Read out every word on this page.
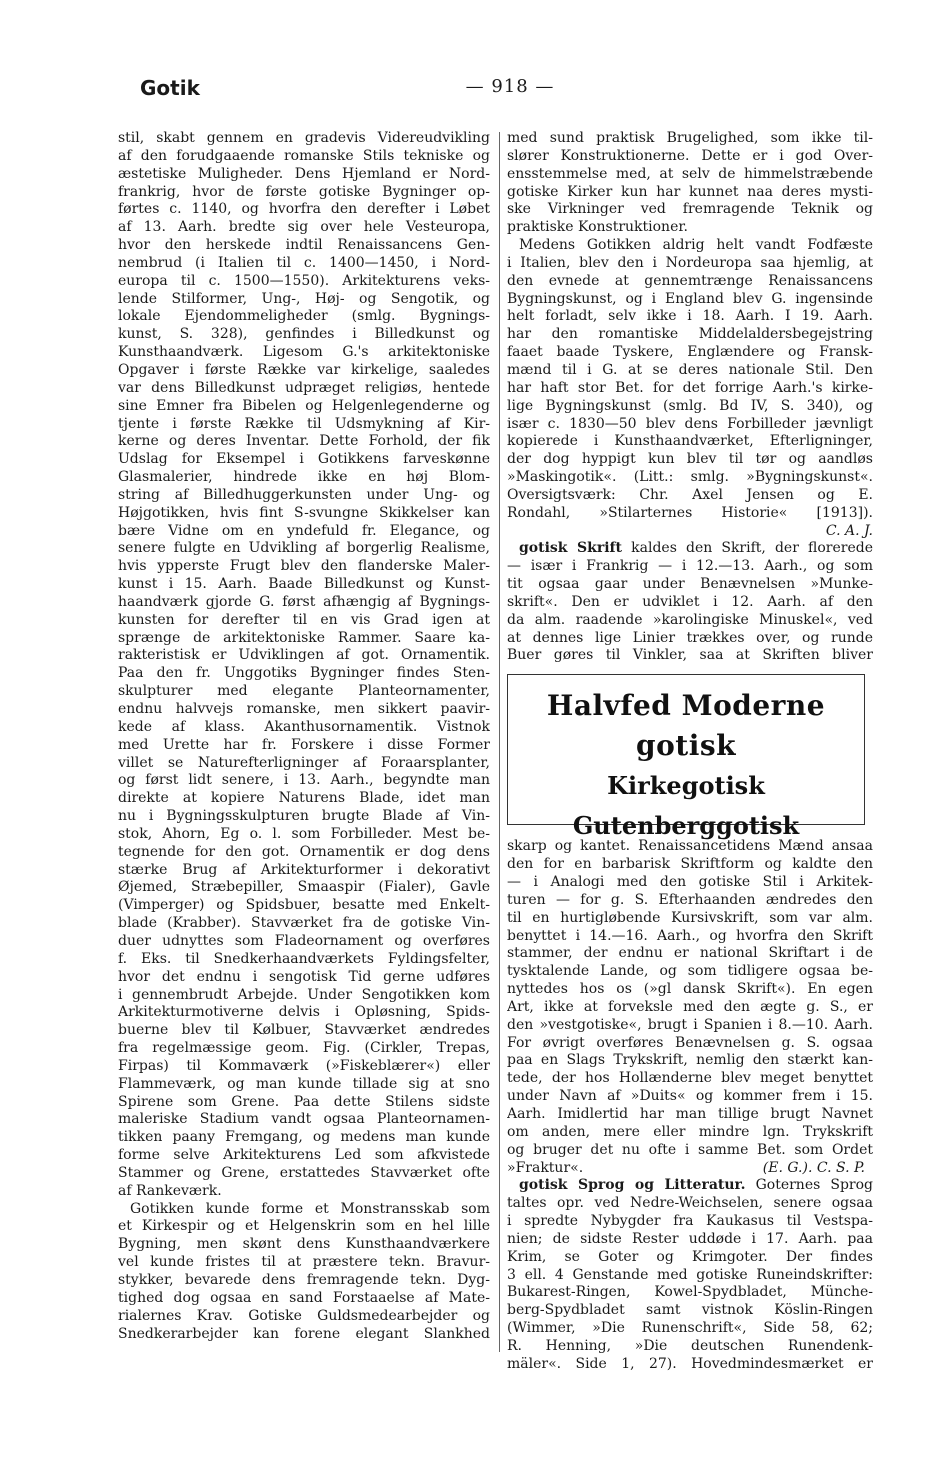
Gotik	— 918 —
stil, skabt gennem en gradevis Videreudvikling
af den forudgaaende romanske Stils tekniske og
æstetiske Muligheder. Dens Hjemland er Nord-
frankrig, hvor de første gotiske Bygninger op-
førtes c. 1140, og hvorfra den derefter i Løbet
af 13. Aarh. bredte sig over hele Vesteuropa,
hvor den herskede indtil Renaissancens Gen-
nembrud (i Italien til c. 1400—1450, i Nord-
europa til c. 1500—1550). Arkitekturens veks-
lende Stilformer, Ung-, Høj- og Sengotik, og
lokale Ejendommeligheder (smlg. Bygnings-
kunst, S. 328), genfindes i Billedkunst og
Kunsthaandværk. Ligesom G.'s arkitektoniske
Opgaver i første Række var kirkelige, saaledes
var dens Billedkunst udpræget religiøs, hentede
sine Emner fra Bibelen og Helgenlegenderne og
tjente i første Række til Udsmykning af Kir-
kerne og deres Inventar. Dette Forhold, der fik
Udslag for Eksempel i Gotikkens farveskønne
Glasmalerier, hindrede ikke en høj Blom-
string af Billedhuggerkunsten under Ung- og
Højgotikken, hvis fint S-svungne Skikkelser kan
bære Vidne om en yndefuld fr. Elegance, og
senere fulgte en Udvikling af borgerlig Realisme,
hvis ypperste Frugt blev den flanderske Maler-
kunst i 15. Aarh. Baade Billedkunst og Kunst-
haandværk gjorde G. først afhængig af Bygnings-
kunsten for derefter til en vis Grad igen at
sprænge de arkitektoniske Rammer. Saare ka-
rakteristisk er Udviklingen af got. Ornamentik.
Paa den fr. Unggotiks Bygninger findes Sten-
skulpturer med elegante Planteornamenter,
endnu halvvejs romanske, men sikkert paavir-
kede af klass. Akanthusornamentik. Vistnok
med Urette har fr. Forskere i disse Former
villet se Naturefterligninger af Foraarsplanter,
og først lidt senere, i 13. Aarh., begyndte man
direkte at kopiere Naturens Blade, idet man
nu i Bygningsskulpturen brugte Blade af Vin-
stok, Ahorn, Eg o. l. som Forbilleder. Mest be-
tegnende for den got. Ornamentik er dog dens
stærke Brug af Arkitekturformer i dekorativt
Øjemed, Stræbepiller, Smaaspir (Fialer), Gavle
(Vimperger) og Spidsbuer, besatte med Enkelt-
blade (Krabber). Stavværket fra de gotiske Vin-
duer udnyttes som Fladeornament og overføres
f. Eks. til Snedkerhaandværkets Fyldingsfelter,
hvor det endnu i sengotisk Tid gerne udføres
i gennembrudt Arbejde. Under Sengotikken kom
Arkitekturmotiverne delvis i Opløsning, Spids-
buerne blev til Kølbuer, Stavværket ændredes
fra regelmæssige geom. Fig. (Cirkler, Trepas,
Firpas) til Kommaværk (»Fiskeblærer«) eller
Flammeværk, og man kunde tillade sig at sno
Spirene som Grene. Paa dette Stilens sidste
maleriske Stadium vandt ogsaa Planteornamen-
tikken paany Fremgang, og medens man kunde
forme selve Arkitekturens Led som afkvistede
Stammer og Grene, erstattedes Stavværket ofte
af Rankeværk.
Gotikken kunde forme et Monstransskab som
et Kirkespir og et Helgenskrin som en hel lille
Bygning, men skønt dens Kunsthaandværkere
vel kunde fristes til at præstere tekn. Bravur-
stykker, bevarede dens fremragende tekn. Dyg-
tighed dog ogsaa en sand Forstaaelse af Mate-
rialernes Krav. Gotiske Guldsmedearbejder og
Snedkerarbejder kan forene elegant Slankhed
med sund praktisk Brugelighed, som ikke til-
slører Konstruktionerne. Dette er i god Over-
ensstemmelse med, at selv de himmelstræbende
gotiske Kirker kun har kunnet naa deres mysti-
ske Virkninger ved fremragende Teknik og
praktiske Konstruktioner.
Medens Gotikken aldrig helt vandt Fodfæste
i Italien, blev den i Nordeuropa saa hjemlig, at
den evnede at gennemtrænge Renaissancens
Bygningskunst, og i England blev G. ingensinde
helt forladt, selv ikke i 18. Aarh. I 19. Aarh.
har den romantiske Middelaldersbegejstring
faaet baade Tyskere, Englændere og Fransk-
mænd til i G. at se deres nationale Stil. Den
har haft stor Bet. for det forrige Aarh.'s kirke-
lige Bygningskunst (smlg. Bd IV, S. 340), og
især c. 1830—50 blev dens Forbilleder jævnligt
kopierede i Kunsthaandværket, Efterligninger,
der dog hyppigt kun blev til tør og aandløs
»Maskingotik«. (Litt.: smlg. »Bygningskunst«.
Oversigtsværk: Chr. Axel Jensen og E.
Rondahl, »Stilarternes Historie« [1913]).
C. A. J.
gotisk Skrift kaldes den Skrift, der florerede
— især i Frankrig — i 12.—13. Aarh., og som
tit ogsaa gaar under Benævnelsen »Munke-
skrift«. Den er udviklet i 12. Aarh. af den
da alm. raadende »karolingiske Minuskel«, ved
at dennes lige Linier trækkes over, og runde
Buer gøres til Vinkler, saa at Skriften bliver
Halvfed Moderne gotisk
Kirkegotisk
Gutenberggotisk
skarp og kantet. Renaissancetidens Mænd ansaa
den for en barbarisk Skriftform og kaldte den
— i Analogi med den gotiske Stil i Arkitek-
turen — for g. S. Efterhaanden ændredes den
til en hurtigløbende Kursivskrift, som var alm.
benyttet i 14.—16. Aarh., og hvorfra den Skrift
stammer, der endnu er national Skriftart i de
tysktalende Lande, og som tidligere ogsaa be-
nyttedes hos os (»gl dansk Skrift«). En egen
Art, ikke at forveksle med den ægte g. S., er
den »vestgotiske«, brugt i Spanien i 8.—10. Aarh.
For øvrigt overføres Benævnelsen g. S. ogsaa
paa en Slags Trykskrift, nemlig den stærkt kan-
tede, der hos Hollænderne blev meget benyttet
under Navn af »Duits« og kommer frem i 15.
Aarh. Imidlertid har man tillige brugt Navnet
om anden, mere eller mindre lgn. Trykskrift
og bruger det nu ofte i samme Bet. som Ordet
»Fraktur«.	(E. G.). C. S. P.
gotisk Sprog og Litteratur. Goternes Sprog
taltes opr. ved Nedre-Weichselen, senere ogsaa
i spredte Nybygder fra Kaukasus til Vestspa-
nien; de sidste Rester uddøde i 17. Aarh. paa
Krim, se Goter og Krimgoter. Der findes
3 ell. 4 Genstande med gotiske Runeindskrifter:
Bukarest-Ringen, Kowel-Spydbladet, Münche-
berg-Spydbladet samt vistnok Köslin-Ringen
(Wimmer, »Die Runenschrift«, Side 58, 62;
R. Henning, »Die deutschen Runendenk-
mäler«. Side 1, 27). Hovedmindesmærket er
